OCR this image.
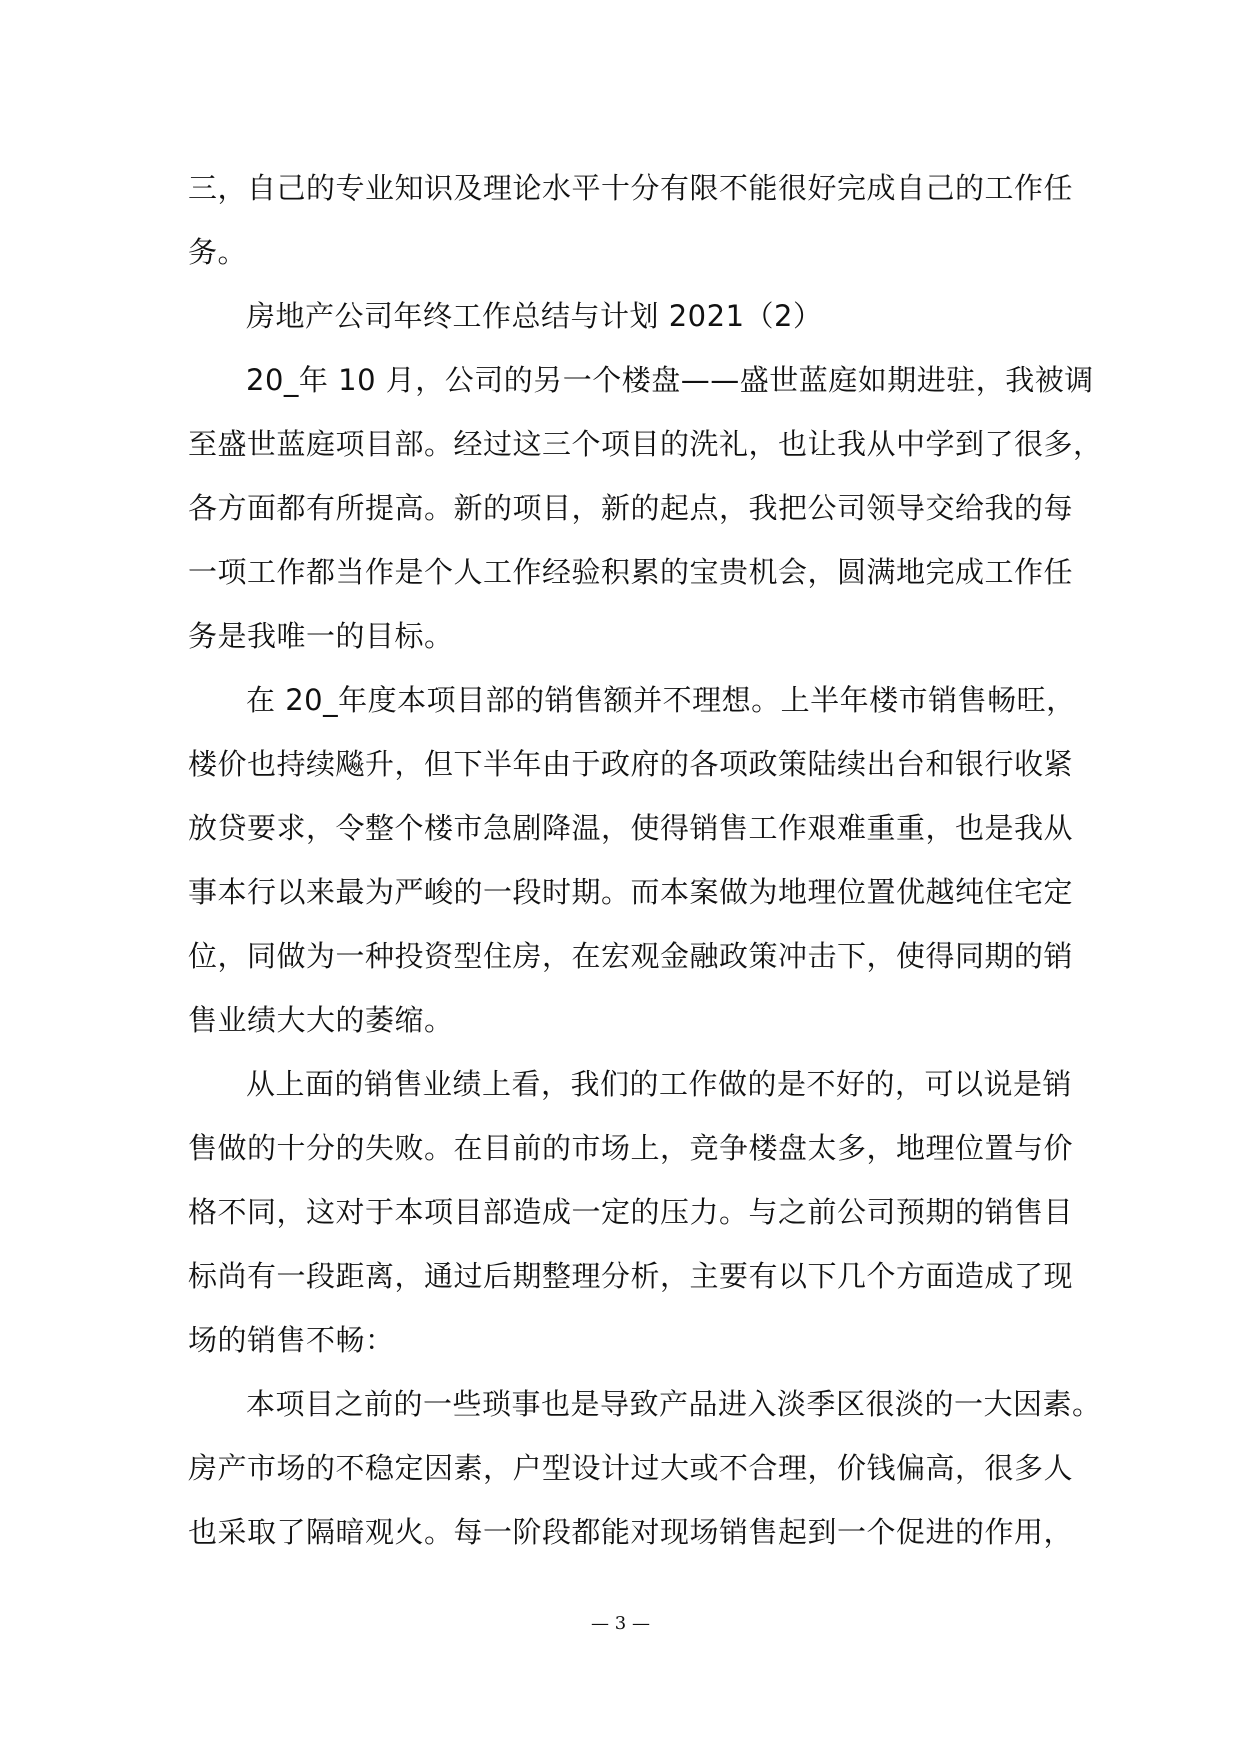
三，自己的专业知识及理论水平十分有限不能很好完成自己的工作任
务。
房地产公司年终工作总结与计划 2021（2）
20_年 10 月，公司的另一个楼盘——盛世蓝庭如期进驻，我被调
至盛世蓝庭项目部。经过这三个项目的洗礼，也让我从中学到了很多，
各方面都有所提高。新的项目，新的起点，我把公司领导交给我的每
一项工作都当作是个人工作经验积累的宝贵机会，圆满地完成工作任
务是我唯一的目标。
在 20_年度本项目部的销售额并不理想。上半年楼市销售畅旺，
楼价也持续飚升，但下半年由于政府的各项政策陆续出台和银行收紧
放贷要求，令整个楼市急剧降温，使得销售工作艰难重重，也是我从
事本行以来最为严峻的一段时期。而本案做为地理位置优越纯住宅定
位，同做为一种投资型住房，在宏观金融政策冲击下，使得同期的销
售业绩大大的萎缩。
从上面的销售业绩上看，我们的工作做的是不好的，可以说是销
售做的十分的失败。在目前的市场上，竞争楼盘太多，地理位置与价
格不同，这对于本项目部造成一定的压力。与之前公司预期的销售目
标尚有一段距离，通过后期整理分析，主要有以下几个方面造成了现
场的销售不畅：
本项目之前的一些琐事也是导致产品进入淡季区很淡的一大因素。
房产市场的不稳定因素，户型设计过大或不合理，价钱偏高，很多人
也采取了隔暗观火。每一阶段都能对现场销售起到一个促进的作用，
— 3 —
